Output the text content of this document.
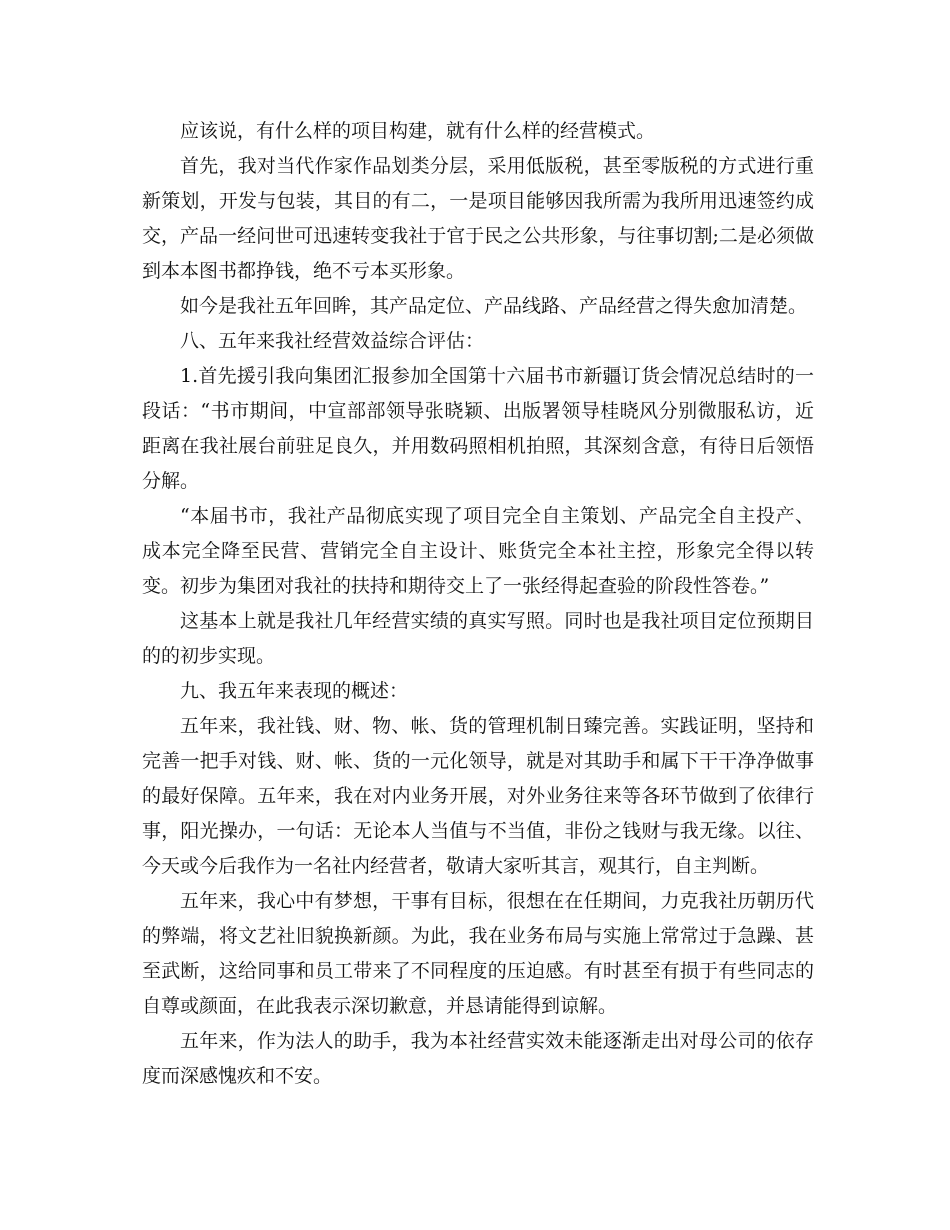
应该说，有什么样的项目构建，就有什么样的经营模式。

首先，我对当代作家作品划类分层，采用低版税，甚至零版税的方式进行重新策划，开发与包装，其目的有二，一是项目能够因我所需为我所用迅速签约成交，产品一经问世可迅速转变我社于官于民之公共形象，与往事切割;二是必须做到本本图书都挣钱，绝不亏本买形象。

如今是我社五年回眸，其产品定位、产品线路、产品经营之得失愈加清楚。

八、五年来我社经营效益综合评估：

1.首先援引我向集团汇报参加全国第十六届书市新疆订货会情况总结时的一段话：“书市期间，中宣部部领导张晓颖、出版署领导桂晓风分别微服私访，近距离在我社展台前驻足良久，并用数码照相机拍照，其深刻含意，有待日后领悟分解。

“本届书市，我社产品彻底实现了项目完全自主策划、产品完全自主投产、成本完全降至民营、营销完全自主设计、账货完全本社主控，形象完全得以转变。初步为集团对我社的扶持和期待交上了一张经得起查验的阶段性答卷。”

这基本上就是我社几年经营实绩的真实写照。同时也是我社项目定位预期目的的初步实现。

九、我五年来表现的概述：

五年来，我社钱、财、物、帐、货的管理机制日臻完善。实践证明，坚持和完善一把手对钱、财、帐、货的一元化领导，就是对其助手和属下干干净净做事的最好保障。五年来，我在对内业务开展，对外业务往来等各环节做到了依律行事，阳光操办，一句话：无论本人当值与不当值，非份之钱财与我无缘。以往、今天或今后我作为一名社内经营者，敬请大家听其言，观其行，自主判断。

五年来，我心中有梦想，干事有目标，很想在在任期间，力克我社历朝历代的弊端，将文艺社旧貌换新颜。为此，我在业务布局与实施上常常过于急躁、甚至武断，这给同事和员工带来了不同程度的压迫感。有时甚至有损于有些同志的自尊或颜面，在此我表示深切歉意，并恳请能得到谅解。

五年来，作为法人的助手，我为本社经营实效未能逐渐走出对母公司的依存度而深感愧疚和不安。
